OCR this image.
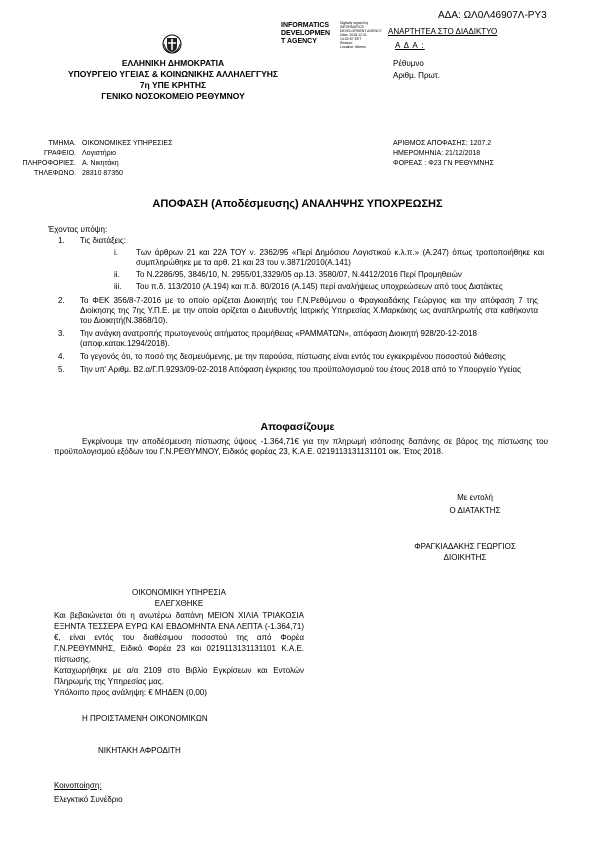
ΑΔΑ: ΩΛ0Λ46907Λ-ΡΥ3
INFORMATICS
DEVELOPMEN
T AGENCY
Digitally signed by
INFORMATICS
DEVELOPMENT AGENCY
Date: 2018.12.21
14:02:57 EET
Reason:
Location: Athens
ΑΝΑΡΤΗΤΕΑ ΣΤΟ ΔΙΑΔΙΚΤΥΟ
Α Δ Α :
ΕΛΛΗΝΙΚΗ ΔΗΜΟΚΡΑΤΙΑ
ΥΠΟΥΡΓΕΙΟ ΥΓΕΙΑΣ & ΚΟΙΝΩΝΙΚΗΣ ΑΛΛΗΛΕΓΓΥΗΣ
7η ΥΠΕ ΚΡΗΤΗΣ
ΓΕΝΙΚΟ ΝΟΣΟΚΟΜΕΙΟ ΡΕΘΥΜΝΟΥ
Ρέθυμνο
Αριθμ. Πρωτ.
ΤΜΗΜΑ. ΟΙΚΟΝΟΜΙΚΕΣ ΥΠΗΡΕΣΙΕΣ
ΓΡΑΦΕΙΟ. Λογιστήριο
ΠΛΗΡΟΦΟΡΙΕΣ. Α. Νικητάκη
ΤΗΛΕΦΩΝΟ. 28310 87350
ΑΡΙΘΜΟΣ ΑΠΟΦΑΣΗΣ: 1207.2
ΗΜΕΡΟΜΗΝΙΑ: 21/12/2018
ΦΟΡΕΑΣ : Φ23 ΓΝ ΡΕΘΥΜΝΗΣ
ΑΠΟΦΑΣΗ (Αποδέσμευσης) ΑΝΑΛΗΨΗΣ ΥΠΟΧΡΕΩΣΗΣ
Έχοντας υπόψη:
1. Τις διατάξεις:
i.	Των άρθρων 21 και 22Α ΤΟΥ ν. 2362/95 «Περί Δημόσιου Λογιστικού κ.λ.π.» (Α.247) όπως τροποποιήθηκε και συμπληρώθηκε με τα αρθ. 21 και 23 του ν.3871/2010(Α.141)
ii.	Το Ν.2286/95, 3846/10, Ν. 2955/01,3329/05 αρ.13. 3580/07, Ν.4412/2016 Περί Προμηθειών
iii.	Του π.δ. 113/2010 (Α.194) και π.δ. 80/2016 (Α.145) περί αναλήψεως υποχρεώσεων από τους Διατάκτες
2.	Το ΦΕΚ 356/8-7-2016 με το οποίο ορίζεται Διοικητής του Γ.Ν.Ρεθύμνου ο Φραγκιαδάκης Γεώργιος και την απόφαση 7 της Διοίκησης της 7ης Υ.Π.Ε. με την οποία ορίζεται ο Διευθυντής Ιατρικής Υπηρεσίας Χ.Μαρκάκης ως αναπληρωτής στα καθήκοντα του Διοικητή(Ν.3868/10).
3.	Την ανάγκη ανατροπής πρωτογενούς αιτήματος προμήθειας «ΡΑΜΜΑΤΩΝ», απόφαση Διοικητή 928/20-12-2018 (αποφ.κατακ.1294/2018).
4.	Το γεγονός ότι, το ποσό της δεσμευόμενης, με την παρούσα, πίστωσης είναι εντός του εγκεκριμένου ποσοστού διάθεσης
5.	Την υπ' Αριθμ. Β2.α/Γ.Π.9293/09-02-2018 Απόφαση έγκρισης του προϋπολογισμού του έτους 2018 από το Υπουργείο Υγείας
Αποφασίζουμε
Εγκρίνουμε την αποδέσμευση πίστωσης ύψους -1.364,71€ για την πληρωμή ισόποσης δαπάνης σε βάρος της πίστωσης του προϋπολογισμού εξόδων του Γ.Ν.ΡΕΘΥΜΝΟΥ, Ειδικός φορέας 23, Κ.Α.Ε. 0219113131131101 οικ. Έτος 2018.
Με εντολή
Ο ΔΙΑΤΑΚΤΗΣ
ΦΡΑΓΚΙΑΔΑΚΗΣ ΓΕΩΡΓΙΟΣ
ΔΙΟΙΚΗΤΗΣ
ΟΙΚΟΝΟΜΙΚΗ ΥΠΗΡΕΣΙΑ
ΕΛΕΓΧΘΗΚΕ
Και βεβαιώνεται ότι η ανωτέρω δαπάνη ΜΕΙΟΝ ΧΙΛΙΑ ΤΡΙΑΚΟΣΙΑ ΕΞΗΝΤΑ ΤΕΣΣΕΡΑ ΕΥΡΩ ΚΑΙ ΕΒΔΟΜΗΝΤΑ ΕΝΑ ΛΕΠΤΑ (-1.364,71) €, είναι εντός του διαθέσιμου ποσοστού της από Φορέα Γ.Ν.ΡΕΘΥΜΝΗΣ, Ειδικό Φορέα 23 και 0219113131131101 Κ.Α.Ε. πίστωσης.
Καταχωρήθηκε με α/α 2109 στο Βιβλίο Εγκρίσεων και Εντολών Πληρωμής της Υπηρεσίας μας.
Υπόλοιπο προς ανάληψη: € ΜΗΔΕΝ (0,00)
Η ΠΡΟΙΣΤΑΜΕΝΗ ΟΙΚΟΝΟΜΙΚΩΝ
ΝΙΚΗΤΑΚΗ ΑΦΡΟΔΙΤΗ
Κοινοποίηση:
Ελεγκτικό Συνέδριο
